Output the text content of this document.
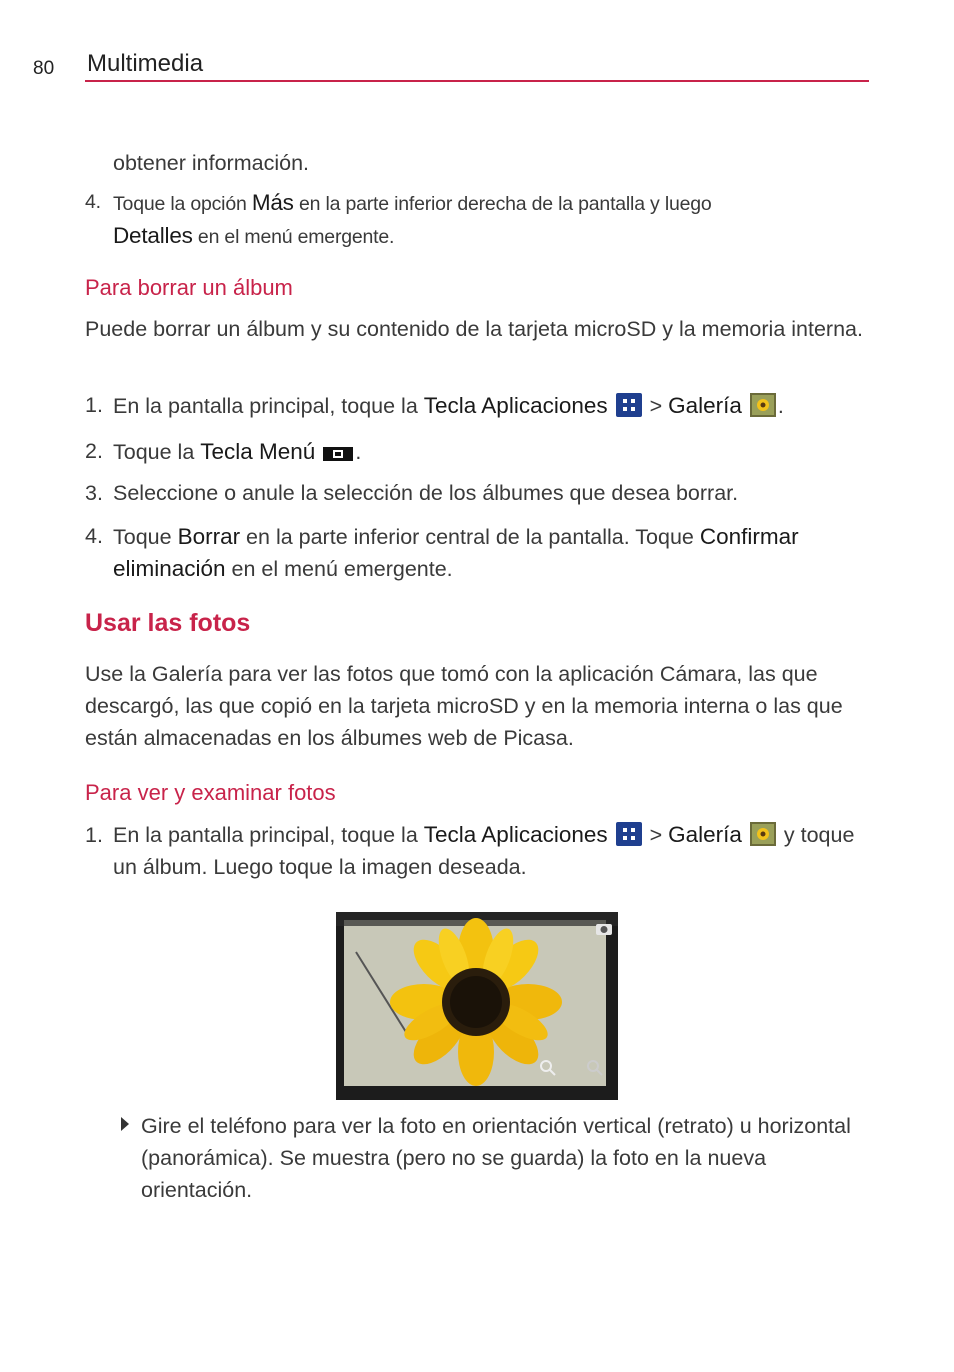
80 Multimedia
obtener información.
4. Toque la opción Más en la parte inferior derecha de la pantalla y luego
Detalles en el menú emergente.
Para borrar un álbum
Puede borrar un álbum y su contenido de la tarjeta microSD y la memoria interna.
1. En la pantalla principal, toque la Tecla Aplicaciones  > Galería .
2. Toque la Tecla Menú .
3. Seleccione o anule la selección de los álbumes que desea borrar.
4. Toque Borrar en la parte inferior central de la pantalla. Toque Confirmar eliminación en el menú emergente.
Usar las fotos
Use la Galería para ver las fotos que tomó con la aplicación Cámara, las que descargó, las que copió en la tarjeta microSD y en la memoria interna o las que están almacenadas en los álbumes web de Picasa.
Para ver y examinar fotos
1. En la pantalla principal, toque la Tecla Aplicaciones  > Galería  y toque un álbum. Luego toque la imagen deseada.
Gire el teléfono para ver la foto en orientación vertical (retrato) u horizontal (panorámica). Se muestra (pero no se guarda) la foto en la nueva orientación.
